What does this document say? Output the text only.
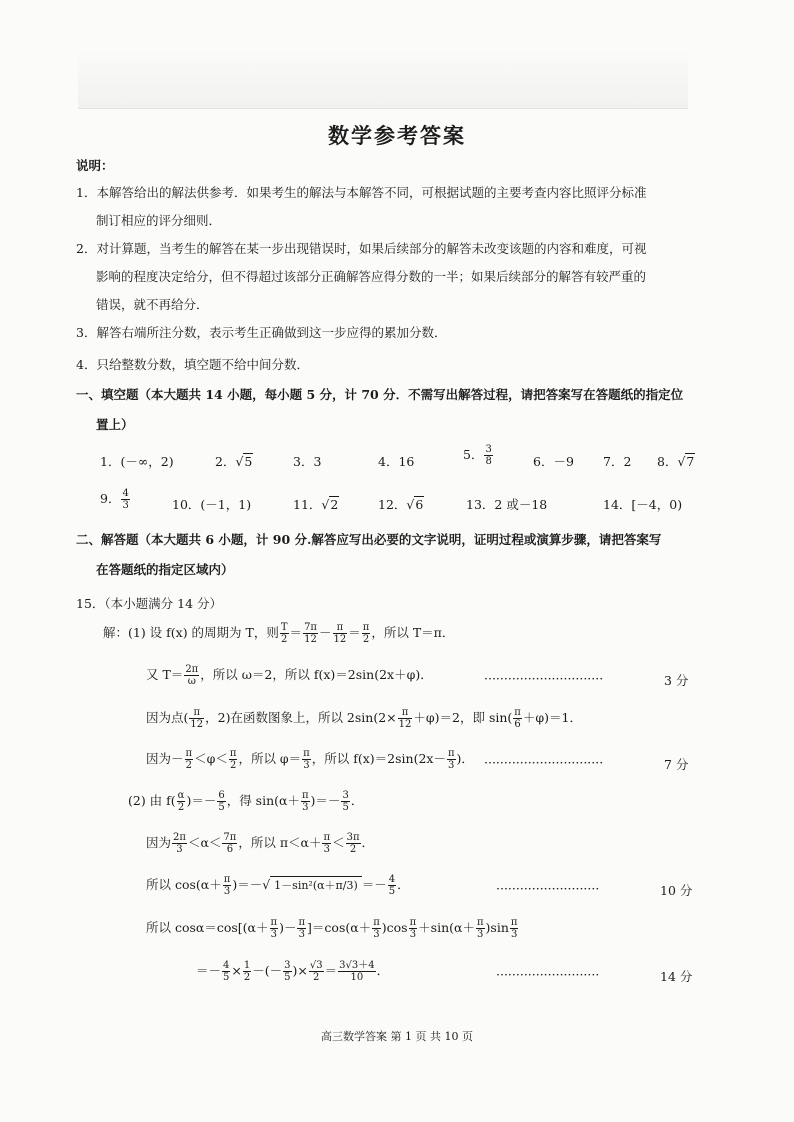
数学参考答案
说明：
1．本解答给出的解法供参考．如果考生的解法与本解答不同，可根据试题的主要考查内容比照评分标准
制订相应的评分细则．
2．对计算题，当考生的解答在某一步出现错误时，如果后续部分的解答未改变该题的内容和难度，可视
影响的程度决定给分，但不得超过该部分正确解答应得分数的一半；如果后续部分的解答有较严重的
错误，就不再给分．
3．解答右端所注分数，表示考生正确做到这一步应得的累加分数．
4．只给整数分数，填空题不给中间分数．
一、填空题（本大题共 14 小题，每小题 5 分，计 70 分．不需写出解答过程，请把答案写在答题纸的指定位
置上）
1．(－∞，2)	2．√5	3．3	4．16	5． $\frac{3}{8}$	6．－9 7．2 8．√7
9． $\frac{4}{3}$	10．(－1，1)	11．√2	12．√6	13．2 或－18	14．[－4，0)
二、解答题（本大题共 6 小题，计 90 分.解答应写出必要的文字说明，证明过程或演算步骤，请把答案写
在答题纸的指定区域内）
15．（本小题满分 14 分）
解：(1) 设 f(x) 的周期为 T，则 $\frac{T}{2} = \frac{7\pi}{12} - \frac{\pi}{12} = \frac{\pi}{2}$ ，所以 T＝π．
又 $T= \frac{2\pi}{\omega}$ ，所以 ω＝2，所以 f(x)＝2sin(2x＋φ)．	······························	3 分
因为点( $\frac{\pi}{12}$ ，2)在函数图象上，所以 $2\sin(2\times \frac{\pi}{12} +\varphi)=2$，即 $\sin( \frac{\pi}{6} +\varphi)=1$．
因为－ $\frac{\pi}{2} <\varphi< \frac{\pi}{2}$ ，所以 $\varphi= \frac{\pi}{3}$ ，所以 $f(x)=2\sin(2x- \frac{\pi}{3}$ )． ······························	7 分
(2) 由 $f( \frac{\alpha}{2}$ )＝－ $\frac{6}{5}$ ，得 $\sin(\alpha+ \frac{\pi}{3}$ )＝－ $\frac{3}{5}$ ．
因为 $\frac{2\pi}{3} <\alpha< \frac{7\pi}{6}$ ，所以 $\pi<\alpha+ \frac{\pi}{3} < \frac{3\pi}{2}$ ．
所以 $\cos(\alpha+ \frac{\pi}{3}$ )＝－√ $1-\sin^2(\alpha+\pi/3) =- \frac{4}{5}$ ．	··························	10 分
所以 $\cos\alpha=\cos[(\alpha+ \frac{\pi}{3}$ )－ $\frac{\pi}{3} ]=\cos(\alpha+ \frac{\pi}{3} )\cos \frac{\pi}{3} +\sin(\alpha+ \frac{\pi}{3} )\sin \frac{\pi}{3}$
＝－ $\frac{4}{5} \times \frac{1}{2}$ －(－ $\frac{3}{5}$ )× $\frac{√3}{2} = \frac{3√3+4}{10}$ ．	··························	14 分
高三数学答案 第 1 页 共 10 页
